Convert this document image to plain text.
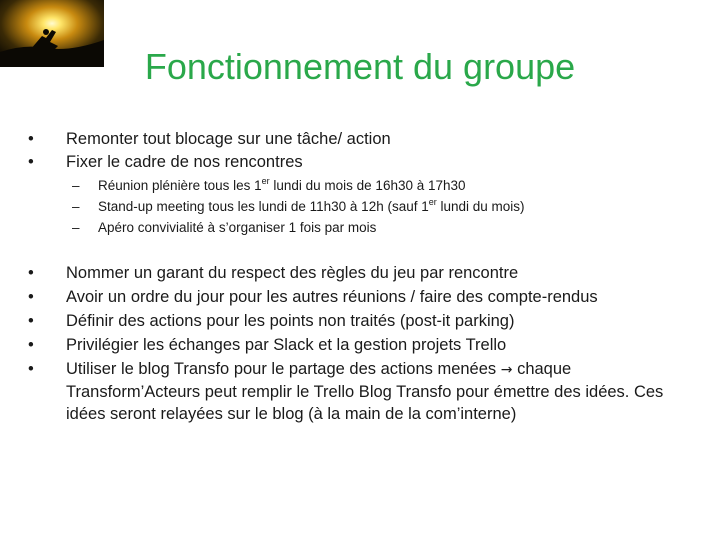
Fonctionnement du groupe
• Remonter tout blocage sur une tâche/ action
• Fixer le cadre de nos rencontres
– Réunion plénière tous les 1er lundi du mois de 16h30 à 17h30
– Stand-up meeting tous les lundi de 11h30 à 12h (sauf 1er lundi du mois)
– Apéro convivialité à s’organiser 1 fois par mois
• Nommer un garant du respect des règles du jeu par rencontre
• Avoir un ordre du jour pour les autres réunions / faire des compte-rendus
• Définir des actions pour les points non traités (post-it parking)
• Privilégier les échanges par Slack et la gestion projets Trello
•	Utiliser le blog Transfo pour le partage des actions menées → chaque Transform’Acteurs peut remplir le Trello Blog Transfo pour émettre des idées. Ces idées seront relayées sur le blog (à la main de la com’interne)
